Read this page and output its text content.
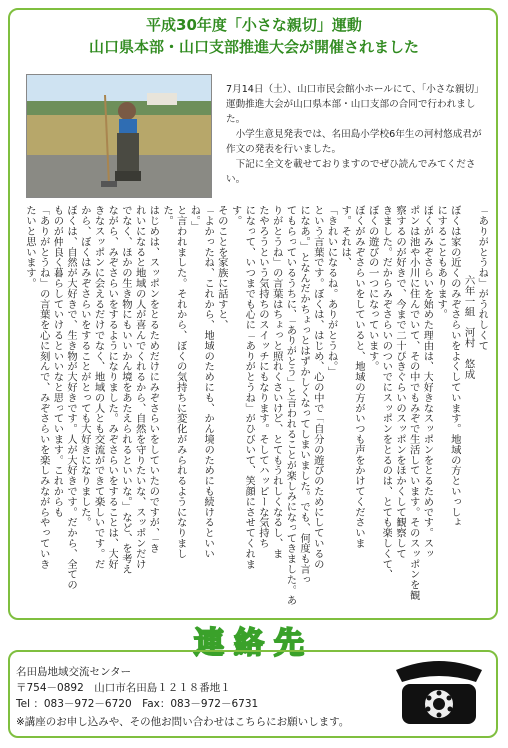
平成30年度「小さな親切」運動
山口県本部・山口支部推進大会が開催されました

7月14日（土）、山口市民会館小ホールにて、「小さな親切」運動推進大会が山口県本部・山口支部の合同で行われました。

小学生意見発表では、名田島小学校6年生の河村悠成君が作文の発表を行いました。

下記に全文を載せておりますのでぜひ読んでみてください。

「ありがとうね」がうれしくて
六年一組　河村　悠成
ぼくは家の近くのみぞさらいをよくしています。地域の方といっしょ
にすることもあります。
ぼくがみぞさらいを始めた理由は、大好きなスッポンをとるためです。スッ
ポンは池や小川に住んでいて、その中でもみぞで生活しています。そのスッポンを観
察するのが好きで、今まで二十ぴきぐらいのスッポンをほかくして観察して
きました。だからみぞさらいのついでにスッポンをとるのは、とても楽しくて、
ぼくの遊びの一つになっています。
ぼくがみぞさらいをしていると、地域の方がいつも声をかけてくださいま
す。それは、
「きれいになるね。ありがとうね。」
という言葉です。ぼくは、はじめ、心の中で「自分の遊びのためにしているの
になあ。」となんだかちょっとはずかしくなってしまいました。でも、何度も言っ
てもらっているうちに、「ありがとう」と言われることが楽しみになってきました。あ
りがとうね」の言葉はちょっと照れくさいけど、とてもうれしくなるし、ま
たやろうという気持ちのスイッチにもなります。そしてハッピーな気持ち
になって、いつまでも心に「ありがとうね」がひびいて、笑顔にさせてくれま
す。
そのことを家族に話すと、
「よかったね、これから、地域のためにも、かん境のためにも続けるといい
ね。」
と言われました。それから、ぼくの気持ちに変化がみられるようになりまし
た。
はじめは、スッポンをとるためだけにみぞさらいをしていたのですが、「き
れいになると地域の人が喜んでくれるから、自然を守りたいな、スッポンだけ
でなく、ほかの生き物にもいいかん境をあたえられるといいな。」など、を考え
ながら、みぞさらいをするようになりました。みぞさらいをすることは、大好
きなスッポンに会えるだけでなく、地域の人とも交流ができて楽しいです。だ
から、ぼくはみぞさらいをすることがとっても大好きになりました。
ぼくは、自然が大好きで、生き物が大好きです。人が大好きです。だから、全ての
ものが仲良く暮らしていけるといいなと思っています。これからも
「ありがとうね」の言葉を心に刻んで、みぞさらいを楽しみながらやっていき
たいと思います。
連絡先
名田島地域交流センター
〒754－0892　山口市名田島１２１８番地１
Tel ：083－972－6720　Fax：083－972－6731
※講座のお申し込みや、その他お問い合わせはこちらにお願いします。
